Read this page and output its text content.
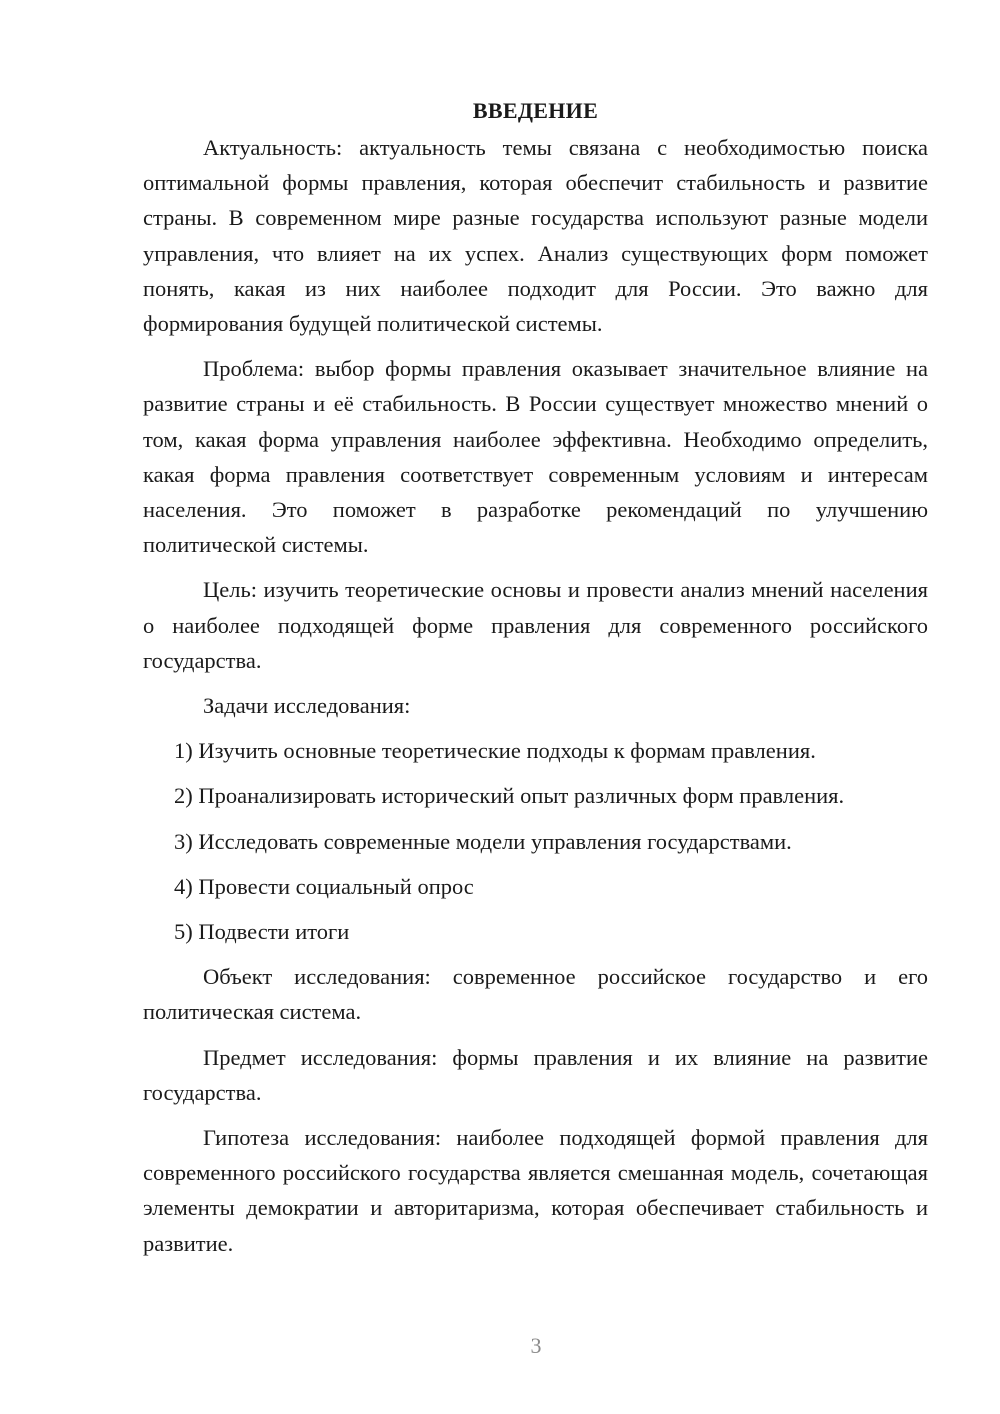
ВВЕДЕНИЕ

Актуальность: актуальность темы связана с необходимостью поиска оптимальной формы правления, которая обеспечит стабильность и развитие страны. В современном мире разные государства используют разные модели управления, что влияет на их успех. Анализ существующих форм поможет понять, какая из них наиболее подходит для России. Это важно для формирования будущей политической системы.

Проблема: выбор формы правления оказывает значительное влияние на развитие страны и её стабильность. В России существует множество мнений о том, какая форма управления наиболее эффективна. Необходимо определить, какая форма правления соответствует современным условиям и интересам населения. Это поможет в разработке рекомендаций по улучшению политической системы.

Цель: изучить теоретические основы и провести анализ мнений населения о наиболее подходящей форме правления для современного российского государства.

Задачи исследования:

1) Изучить основные теоретические подходы к формам правления.
2) Проанализировать исторический опыт различных форм правления.
3) Исследовать современные модели управления государствами.
4) Провести социальный опрос
5) Подвести итоги

Объект исследования: современное российское государство и его политическая система.

Предмет исследования: формы правления и их влияние на развитие государства.

Гипотеза исследования: наиболее подходящей формой правления для современного российского государства является смешанная модель, сочетающая элементы демократии и авторитаризма, которая обеспечивает стабильность и развитие.

3
